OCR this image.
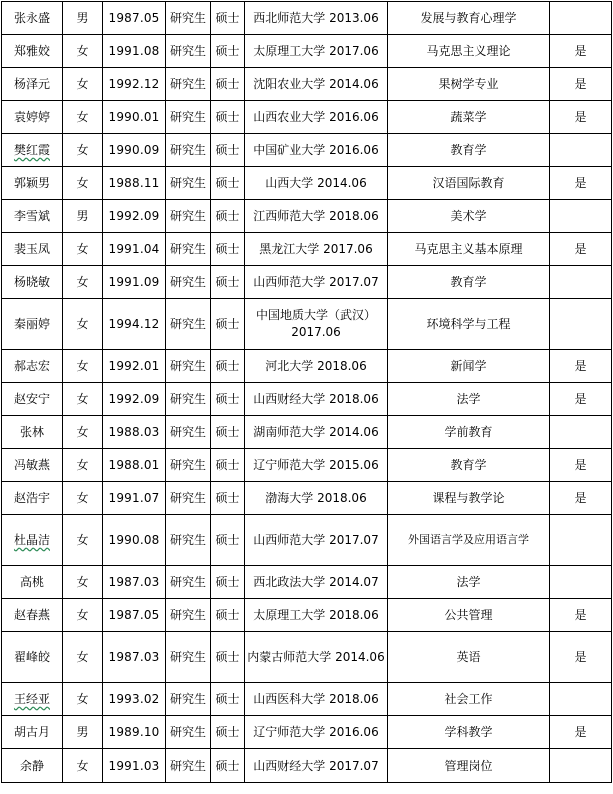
张永盛	男	1987.05	研究生	硕士	西北师范大学 2013.06	发展与教育心理学	
郑雅姣	女	1991.08	研究生	硕士	太原理工大学 2017.06	马克思主义理论	是
杨泽元	女	1992.12	研究生	硕士	沈阳农业大学 2014.06	果树学专业	是
袁婷婷	女	1990.01	研究生	硕士	山西农业大学 2016.06	蔬菜学	是
樊红霞	女	1990.09	研究生	硕士	中国矿业大学 2016.06	教育学	
郭颖男	女	1988.11	研究生	硕士	山西大学 2014.06	汉语国际教育	是
李雪斌	男	1992.09	研究生	硕士	江西师范大学 2018.06	美术学	
裴玉凤	女	1991.04	研究生	硕士	黑龙江大学 2017.06	马克思主义基本原理	是
杨晓敏	女	1991.09	研究生	硕士	山西师范大学 2017.07	教育学	
秦丽婷	女	1994.12	研究生	硕士	中国地质大学（武汉） 2017.06	环境科学与工程	
郝志宏	女	1992.01	研究生	硕士	河北大学 2018.06	新闻学	是
赵安宁	女	1992.09	研究生	硕士	山西财经大学 2018.06	法学	是
张林	女	1988.03	研究生	硕士	湖南师范大学 2014.06	学前教育	
冯敏燕	女	1988.01	研究生	硕士	辽宁师范大学 2015.06	教育学	是
赵浩宇	女	1991.07	研究生	硕士	渤海大学 2018.06	课程与教学论	是
杜晶洁	女	1990.08	研究生	硕士	山西师范大学 2017.07	外国语言学及应用语言学	
高桃	女	1987.03	研究生	硕士	西北政法大学 2014.07	法学	
赵春燕	女	1987.05	研究生	硕士	太原理工大学 2018.06	公共管理	是
翟峰皎	女	1987.03	研究生	硕士	内蒙古师范大学 2014.06	英语	是
王经亚	女	1993.02	研究生	硕士	山西医科大学 2018.06	社会工作	
胡古月	男	1989.10	研究生	硕士	辽宁师范大学 2016.06	学科教学	是
余静	女	1991.03	研究生	硕士	山西财经大学 2017.07	管理岗位	
